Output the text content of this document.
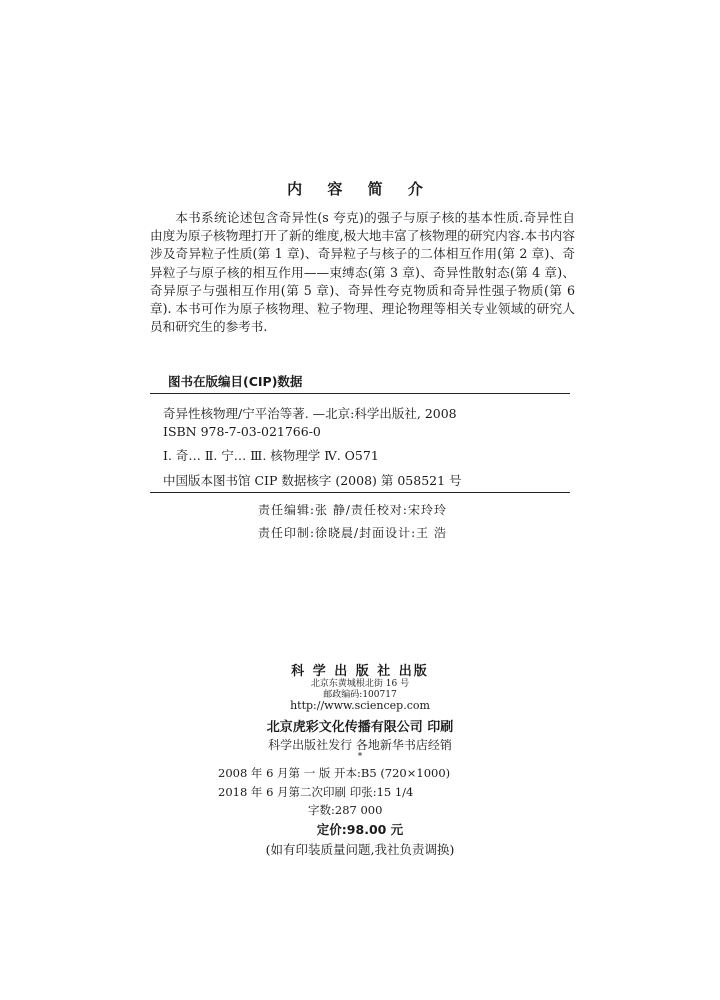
内 容 简 介
本书系统论述包含奇异性(s 夸克)的强子与原子核的基本性质.奇异性自由度为原子核物理打开了新的维度,极大地丰富了核物理的研究内容.本书内容涉及奇异粒子性质(第 1 章)、奇异粒子与核子的二体相互作用(第 2 章)、奇异粒子与原子核的相互作用——束缚态(第 3 章)、奇异性散射态(第 4 章)、奇异原子与强相互作用(第 5 章)、奇异性夸克物质和奇异性强子物质(第 6 章). 本书可作为原子核物理、粒子物理、理论物理等相关专业领域的研究人员和研究生的参考书.
图书在版编目(CIP)数据
奇异性核物理/宁平治等著. —北京:科学出版社, 2008
ISBN 978-7-03-021766-0
Ⅰ. 奇… Ⅱ. 宁… Ⅲ. 核物理学 Ⅳ. O571
中国版本图书馆 CIP 数据核字 (2008) 第 058521 号
责任编辑:张 静/责任校对:宋玲玲
责任印制:徐晓晨/封面设计:王 浩
科 学 出 版 社 出版
北京东黄城根北街 16 号
邮政编码:100717
http://www.sciencep.com
北京虎彩文化传播有限公司 印刷
科学出版社发行 各地新华书店经销
*
2008 年 6 月第 一 版 开本:B5 (720×1000)
2018 年 6 月第二次印刷 印张:15 1/4
字数:287 000
定价:98.00 元
(如有印装质量问题,我社负责调换)
